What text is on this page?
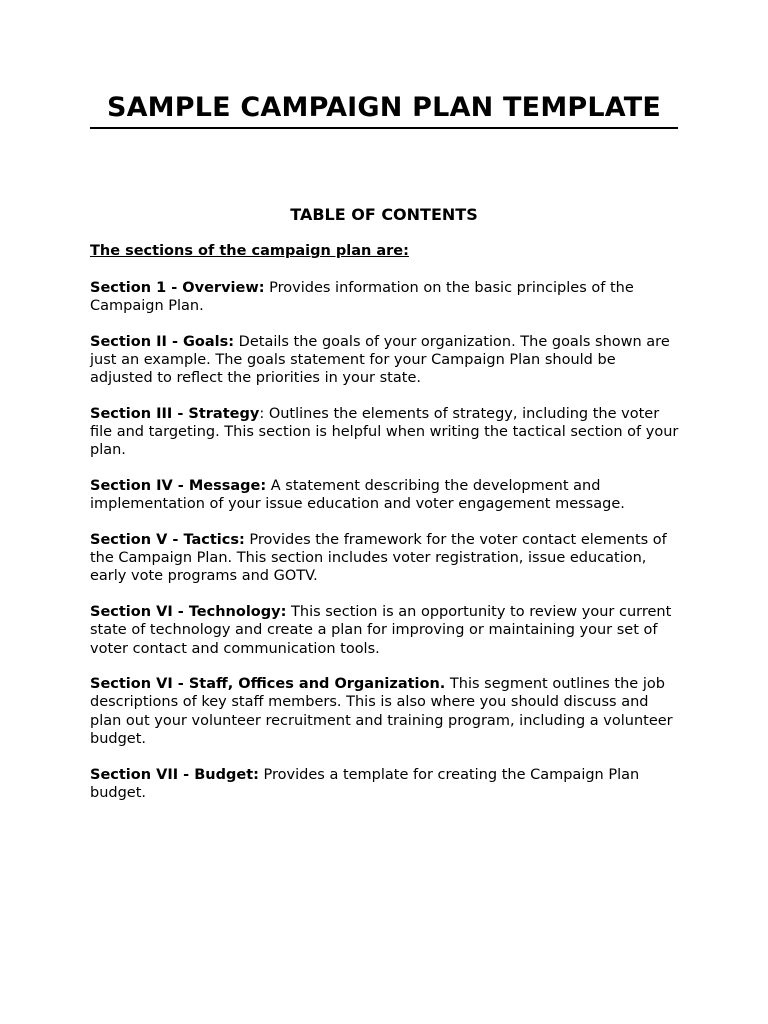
SAMPLE CAMPAIGN PLAN TEMPLATE
TABLE OF CONTENTS

The sections of the campaign plan are:

Section 1 - Overview: Provides information on the basic principles of the Campaign Plan.

Section II - Goals: Details the goals of your organization. The goals shown are just an example. The goals statement for your Campaign Plan should be adjusted to reflect the priorities in your state.

Section III - Strategy: Outlines the elements of strategy, including the voter file and targeting. This section is helpful when writing the tactical section of your plan.

Section IV - Message: A statement describing the development and implementation of your issue education and voter engagement message.

Section V - Tactics: Provides the framework for the voter contact elements of the Campaign Plan. This section includes voter registration, issue education, early vote programs and GOTV.

Section VI - Technology: This section is an opportunity to review your current state of technology and create a plan for improving or maintaining your set of voter contact and communication tools.

Section VI - Staff, Offices and Organization. This segment outlines the job descriptions of key staff members. This is also where you should discuss and plan out your volunteer recruitment and training program, including a volunteer budget.

Section VII - Budget: Provides a template for creating the Campaign Plan budget.
